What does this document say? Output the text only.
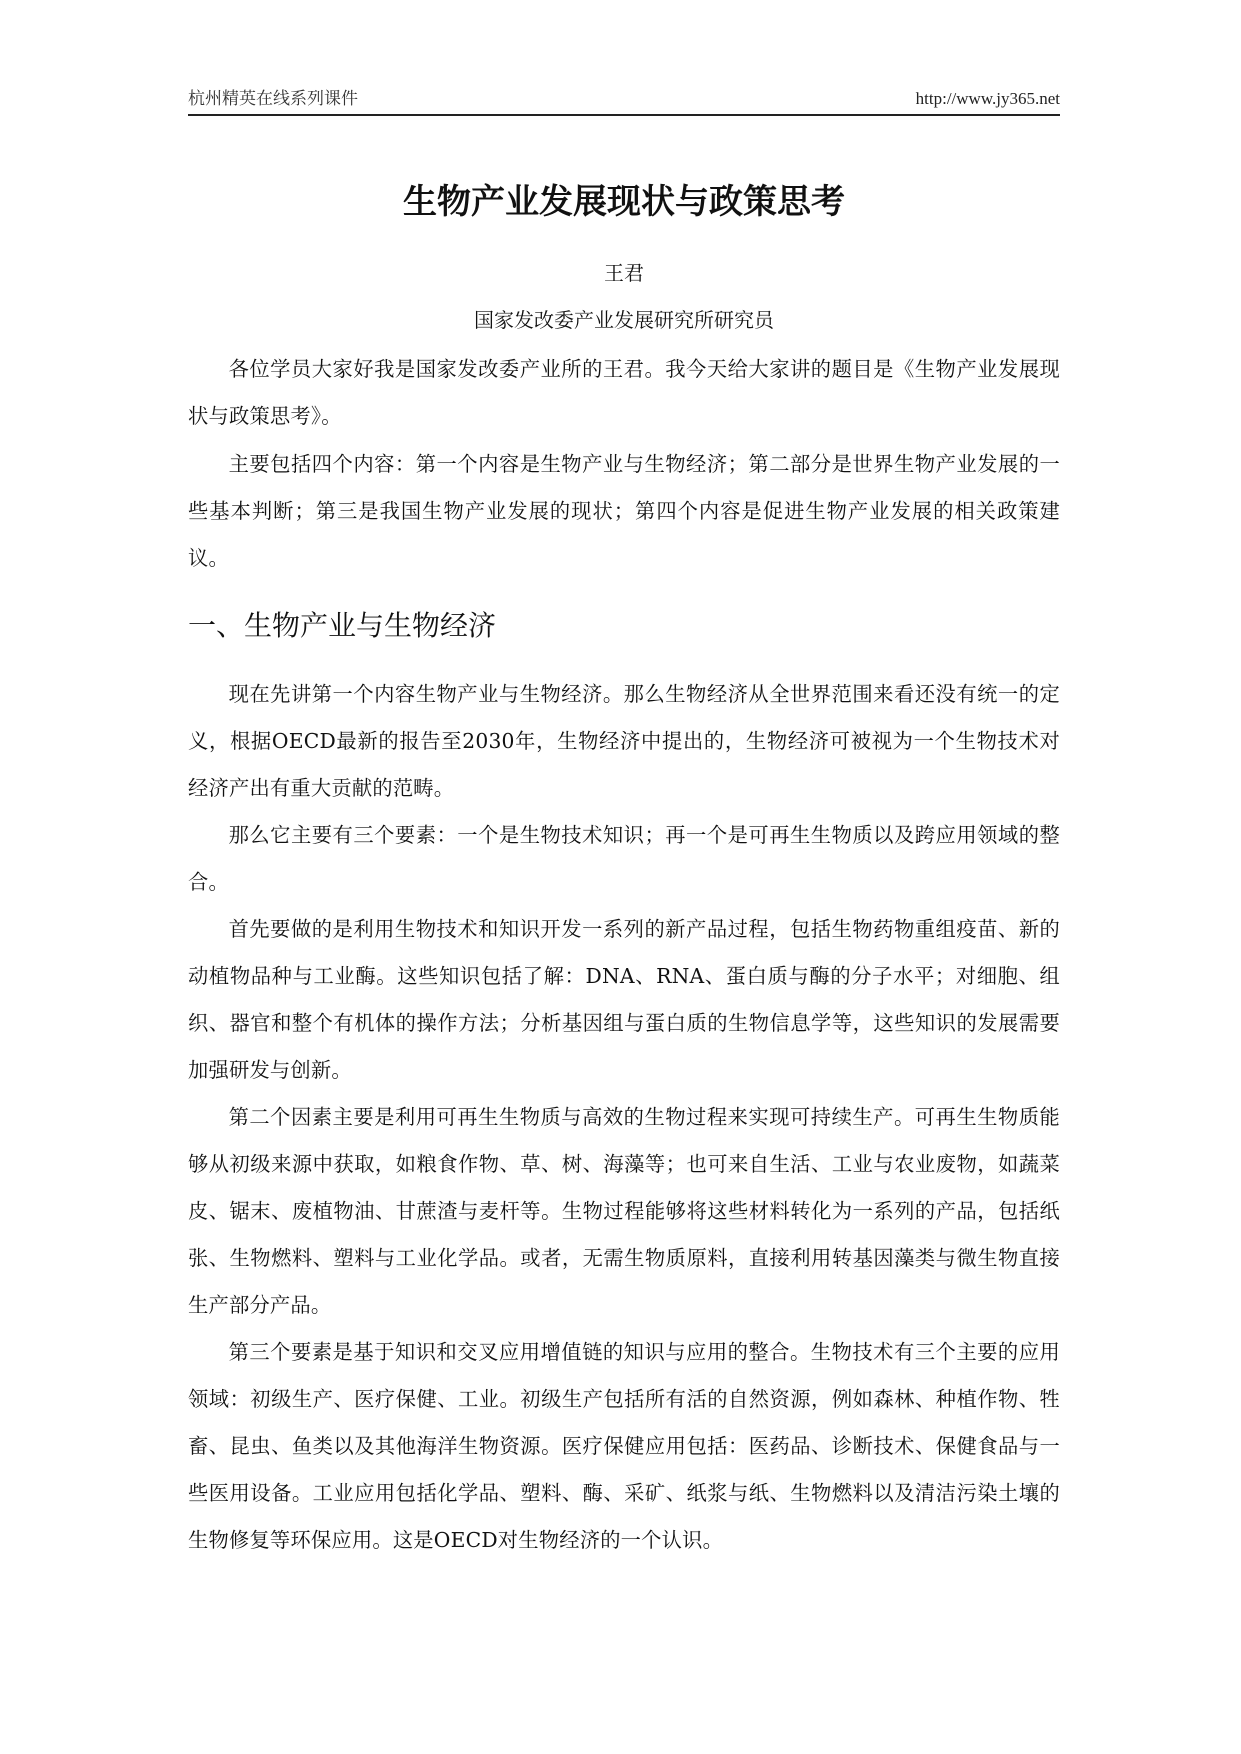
杭州精英在线系列课件	http://www.jy365.net
生物产业发展现状与政策思考
王君
国家发改委产业发展研究所研究员

各位学员大家好我是国家发改委产业所的王君。我今天给大家讲的题目是《生物产业发展现状与政策思考》。

主要包括四个内容：第一个内容是生物产业与生物经济；第二部分是世界生物产业发展的一些基本判断；第三是我国生物产业发展的现状；第四个内容是促进生物产业发展的相关政策建议。

一、生物产业与生物经济

现在先讲第一个内容生物产业与生物经济。那么生物经济从全世界范围来看还没有统一的定义，根据OECD最新的报告至2030年，生物经济中提出的，生物经济可被视为一个生物技术对经济产出有重大贡献的范畴。

那么它主要有三个要素：一个是生物技术知识；再一个是可再生生物质以及跨应用领域的整合。

首先要做的是利用生物技术和知识开发一系列的新产品过程，包括生物药物重组疫苗、新的动植物品种与工业酶。这些知识包括了解：DNA、RNA、蛋白质与酶的分子水平；对细胞、组织、器官和整个有机体的操作方法；分析基因组与蛋白质的生物信息学等，这些知识的发展需要加强研发与创新。

第二个因素主要是利用可再生生物质与高效的生物过程来实现可持续生产。可再生生物质能够从初级来源中获取，如粮食作物、草、树、海藻等；也可来自生活、工业与农业废物，如蔬菜皮、锯末、废植物油、甘蔗渣与麦杆等。生物过程能够将这些材料转化为一系列的产品，包括纸张、生物燃料、塑料与工业化学品。或者，无需生物质原料，直接利用转基因藻类与微生物直接生产部分产品。

第三个要素是基于知识和交叉应用增值链的知识与应用的整合。生物技术有三个主要的应用领域：初级生产、医疗保健、工业。初级生产包括所有活的自然资源，例如森林、种植作物、牲畜、昆虫、鱼类以及其他海洋生物资源。医疗保健应用包括：医药品、诊断技术、保健食品与一些医用设备。工业应用包括化学品、塑料、酶、采矿、纸浆与纸、生物燃料以及清洁污染土壤的生物修复等环保应用。这是OECD对生物经济的一个认识。
